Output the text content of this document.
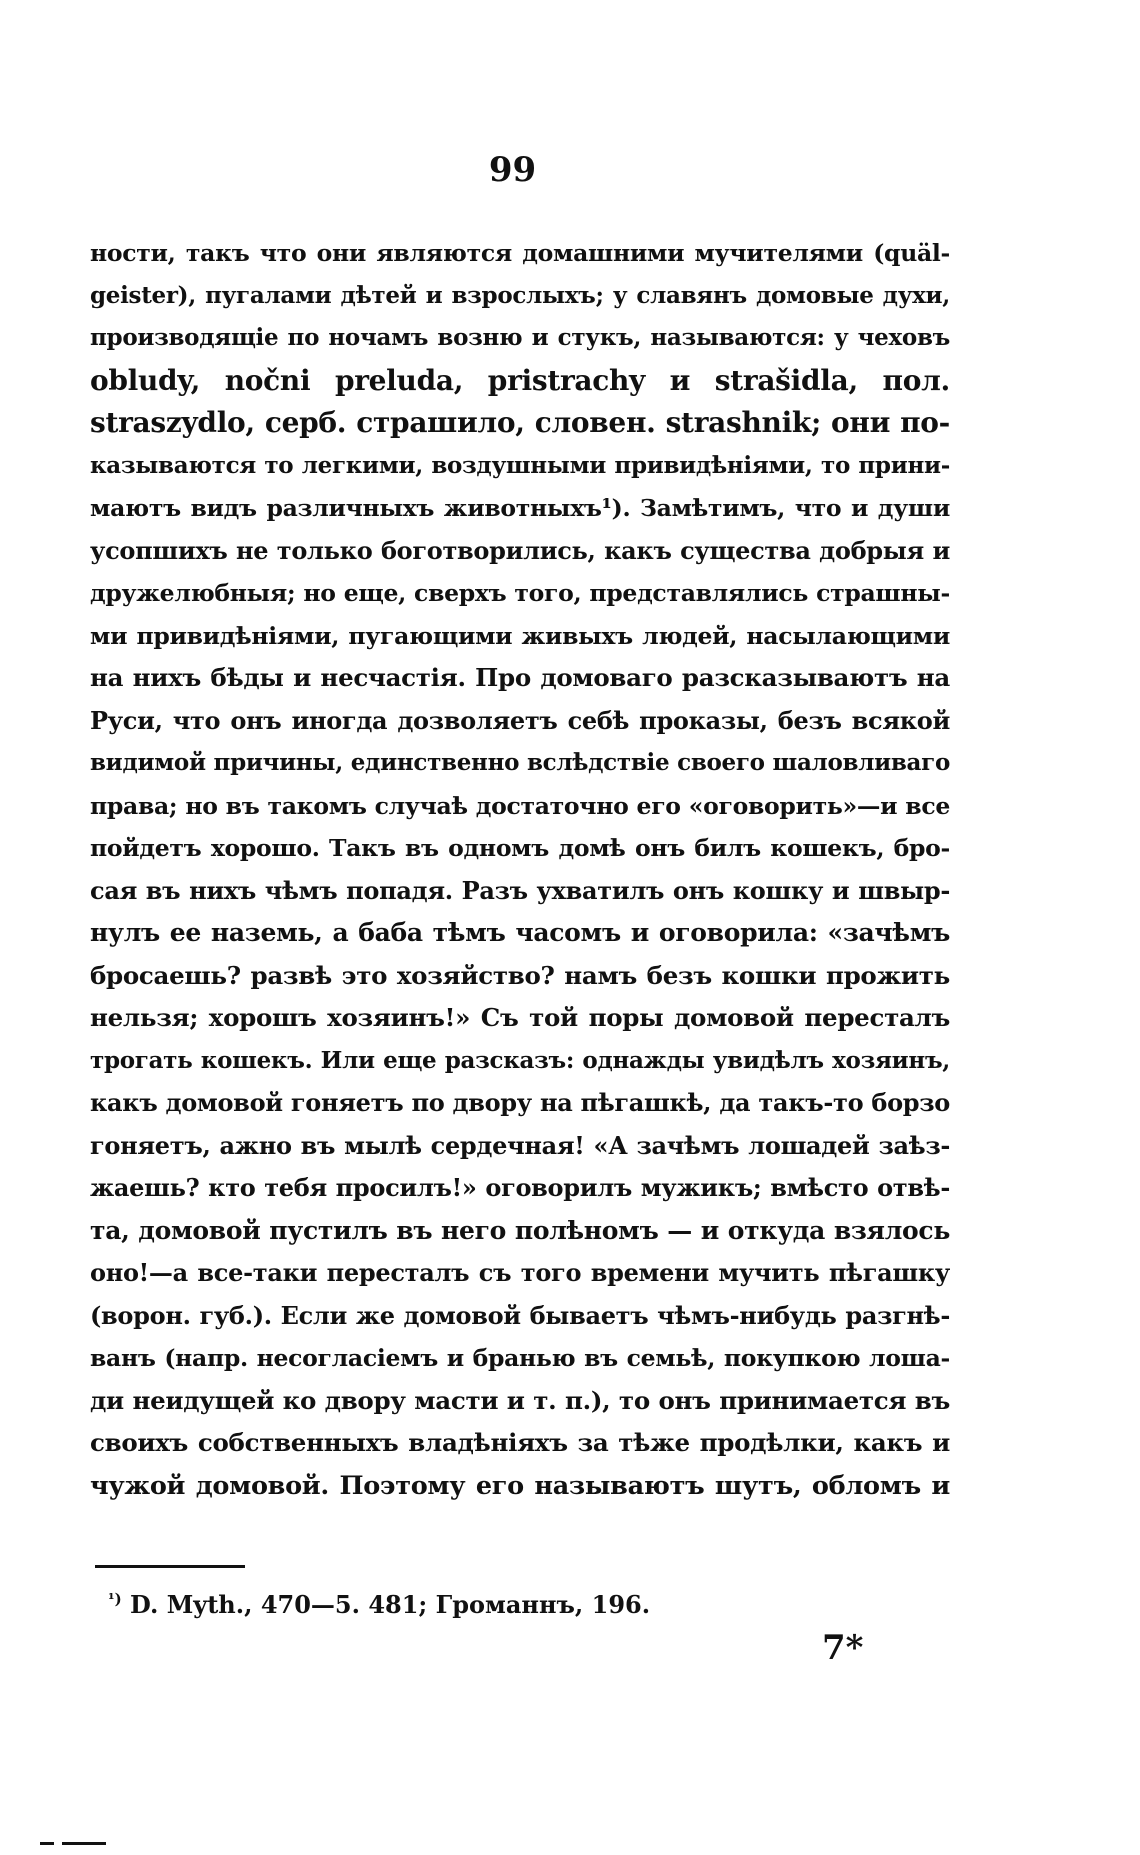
99
ности, такъ что они являются домашними мучителями (quäl-
geister), пугалами дѣтей и взрослыхъ; у славянъ домовые духи,
производящіе по ночамъ возню и стукъ, называются: у чеховъ
obludy, nočni preluda, pristrachy и strašidla, пол.
straszydlo, серб. страшило, словен. strashnik; они по-
казываются то легкими, воздушными привидѣніями, то прини-
маютъ видъ различныхъ животныхъ¹). Замѣтимъ, что и души
усопшихъ не только боготворились, какъ существа добрыя и
дружелюбныя; но еще, сверхъ того, представлялись страшны-
ми привидѣніями, пугающими живыхъ людей, насылающими
на нихъ бѣды и несчастія. Про домоваго разсказываютъ на
Руси, что онъ иногда дозволяетъ себѣ проказы, безъ всякой
видимой причины, единственно вслѣдствіе своего шаловливаго
права; но въ такомъ случаѣ достаточно его «оговорить»—и все
пойдетъ хорошо. Такъ въ одномъ домѣ онъ билъ кошекъ, бро-
сая въ нихъ чѣмъ попадя. Разъ ухватилъ онъ кошку и швыр-
нулъ ее наземь, а баба тѣмъ часомъ и оговорила: «зачѣмъ
бросаешь? развѣ это хозяйство? намъ безъ кошки прожить
нельзя; хорошъ хозяинъ!» Съ той поры домовой пересталъ
трогать кошекъ. Или еще разсказъ: однажды увидѣлъ хозяинъ,
какъ домовой гоняетъ по двору на пѣгашкѣ, да такъ-то борзо
гоняетъ, ажно въ мылѣ сердечная! «А зачѣмъ лошадей заѣз-
жаешь? кто тебя просилъ!» оговорилъ мужикъ; вмѣсто отвѣ-
та, домовой пустилъ въ него полѣномъ — и откуда взялось
оно!—а все-таки пересталъ съ того времени мучить пѣгашку
(ворон. губ.). Если же домовой бываетъ чѣмъ-нибудь разгнѣ-
ванъ (напр. несогласіемъ и бранью въ семьѣ, покупкою лоша-
ди неидущей ко двору масти и т. п.), то онъ принимается въ
своихъ собственныхъ владѣніяхъ за тѣже продѣлки, какъ и
чужой домовой. Поэтому его называютъ шутъ, обломъ и
$^{^1)}$ D. Myth., 470—5. 481; Громаннъ, 196.
7*
